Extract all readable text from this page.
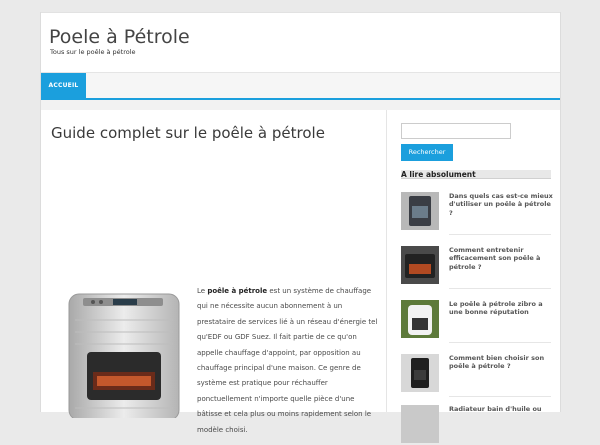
Poele à Pétrole
Tous sur le poêle à pétrole
ACCUEIL
Guide complet sur le poêle à pétrole
Le poêle à pétrole est un système de chauffage qui ne nécessite aucun abonnement à un prestataire de services lié à un réseau d'énergie tel qu'EDF ou GDF Suez. Il fait partie de ce qu'on appelle chauffage d'appoint, par opposition au chauffage principal d'une maison. Ce genre de système est pratique pour réchauffer ponctuellement n'importe quelle pièce d'une bâtisse et cela plus ou moins rapidement selon le modèle choisi.
Rechercher
A lire absolument
Dans quels cas est-ce mieux d'utiliser un poêle à pétrole ?
Comment entretenir efficacement son poêle à pétrole ?
Le poêle à pétrole zibro a une bonne réputation
Comment bien choisir son poêle à pétrole ?
Radiateur bain d'huile ou
